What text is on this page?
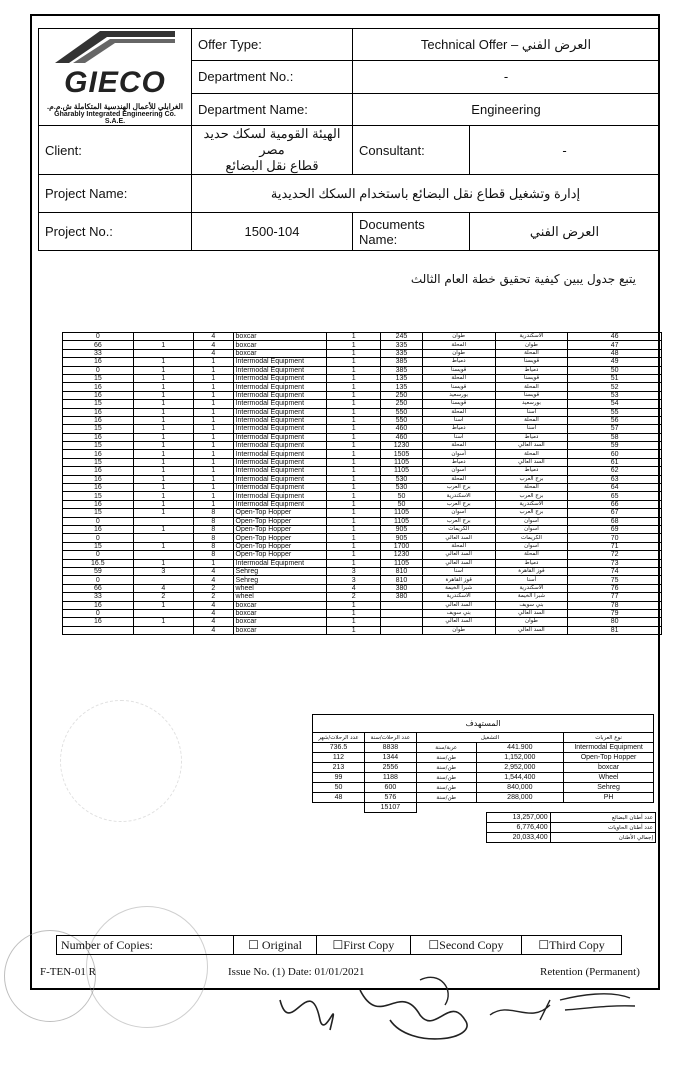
GIECO
الغرابلي للأعمال الهندسية المتكاملة ش.م.م.
Gharably Integrated Engineering Co. S.A.E.	Offer Type:	Technical Offer – العرض الفني	
	Department No.:	-	
	Department Name:	Engineering	
Client:	الهيئة القومية لسكك حديد مصر
قطاع نقل البضائع	Consultant:	-
Project Name:	إدارة وتشغيل قطاع نقل البضائع باستخدام السكك الحديدية		
Project No.:	1500-104	Documents Name:	العرض الفني
يتبع جدول يبين كيفية تحقيق خطة العام الثالث
0		4	boxcar	1	245	طوان	الاسكندرية	46
66	1	4	boxcar	1	335	المحلة	طوان	47
33		4	boxcar	1	335	طوان	المحلة	48
16	1	1	Intermodal Equipment	1	385	دمياط	قويسنا	49
0	1	1	Intermodal Equipment	1	385	قويسنا	دمياط	50
15	1	1	Intermodal Equipment	1	135	المحلة	قويسنا	51
16	1	1	Intermodal Equipment	1	135	قويسنا	المحلة	52
16	1	1	Intermodal Equipment	1	250	بورسعيد	قويسنا	53
15	1	1	Intermodal Equipment	1	250	قويسنا	بورسعيد	54
16	1	1	Intermodal Equipment	1	550	المحلة	أسنا	55
16	1	1	Intermodal Equipment	1	550	أسنا	المحلة	56
15	1	1	Intermodal Equipment	1	460	دمياط	أسنا	57
16	1	1	Intermodal Equipment	1	460	أسنا	دمياط	58
15	1	1	Intermodal Equipment	1	1230	المحلة	السد العالي	59
16	1	1	Intermodal Equipment	1	1505	أسوان	المحلة	60
15	1	1	Intermodal Equipment	1	1105	دمياط	السد العالي	61
16	1	1	Intermodal Equipment	1	1105	أسوان	دمياط	62
16	1	1	Intermodal Equipment	1	530	المحلة	برج العرب	63
16	1	1	Intermodal Equipment	1	530	برج العرب	المحلة	64
15	1	1	Intermodal Equipment	1	50	الاسكندرية	برج العرب	65
16	1	1	Intermodal Equipment	1	50	برج العرب	الاسكندرية	66
15	1	8	Open-Top Hopper	1	1105	أسوان	برج العرب	67
0		8	Open-Top Hopper	1	1105	برج العرب	أسوان	68
16	1	8	Open-Top Hopper	1	905	الكريمات	أسوان	69
0		8	Open-Top Hopper	1	905	السد العالي	الكريمات	70
15	1	8	Open-Top Hopper	1	1700	المحلة	أسوان	71
0		8	Open-Top Hopper	1	1230	السد العالي	المحلة	72
16.5	1	1	Intermodal Equipment	1	1105	السد العالي	دمياط	73
59	3	4	Sehreg	3	810	أسنا	قوز القاهرة	74
0		4	Sehreg	3	810	قوز القاهرة	أسنا	75
66	4	2	wheel	4	380	شبرا الخيمة	الاسكندرية	76
33	2	2	wheel	2	380	الاسكندرية	شبرا الخيمة	77
16	1	4	boxcar	1		السد العالي	بني سويف	78
0		4	boxcar	1		بني سويف	السد العالي	79
16	1	4	boxcar	1		السد العالي	طوان	80
		4	boxcar	1		طوان	السد العالي	81
المستهدف				
عدد الرحلات/شهر	عدد الرحلات/سنة	التشغيل		نوع العربات
736.5	8838	عربة/سنة	441.900	Intermodal Equipment
112	1344	طن/سنة	1,152,000	Open-Top Hopper
213	2556	طن/سنة	2,952,000	boxcar
99	1188	طن/سنة	1,544,400	Wheel
50	600	طن/سنة	840,000	Sehreg
48	576	طن/سنة	288,000	PH
	15107			
13,257,000	عدد أطنان البضائع
6,776,400	عدد أطنان الحاويات
20,033,400	إجمالي الأطنان
Number of Copies:	☐ Original	☐First Copy	☐Second Copy	☐Third Copy
F-TEN-01 R	Issue No. (1) Date: 01/01/2021	Retention (Permanent)
